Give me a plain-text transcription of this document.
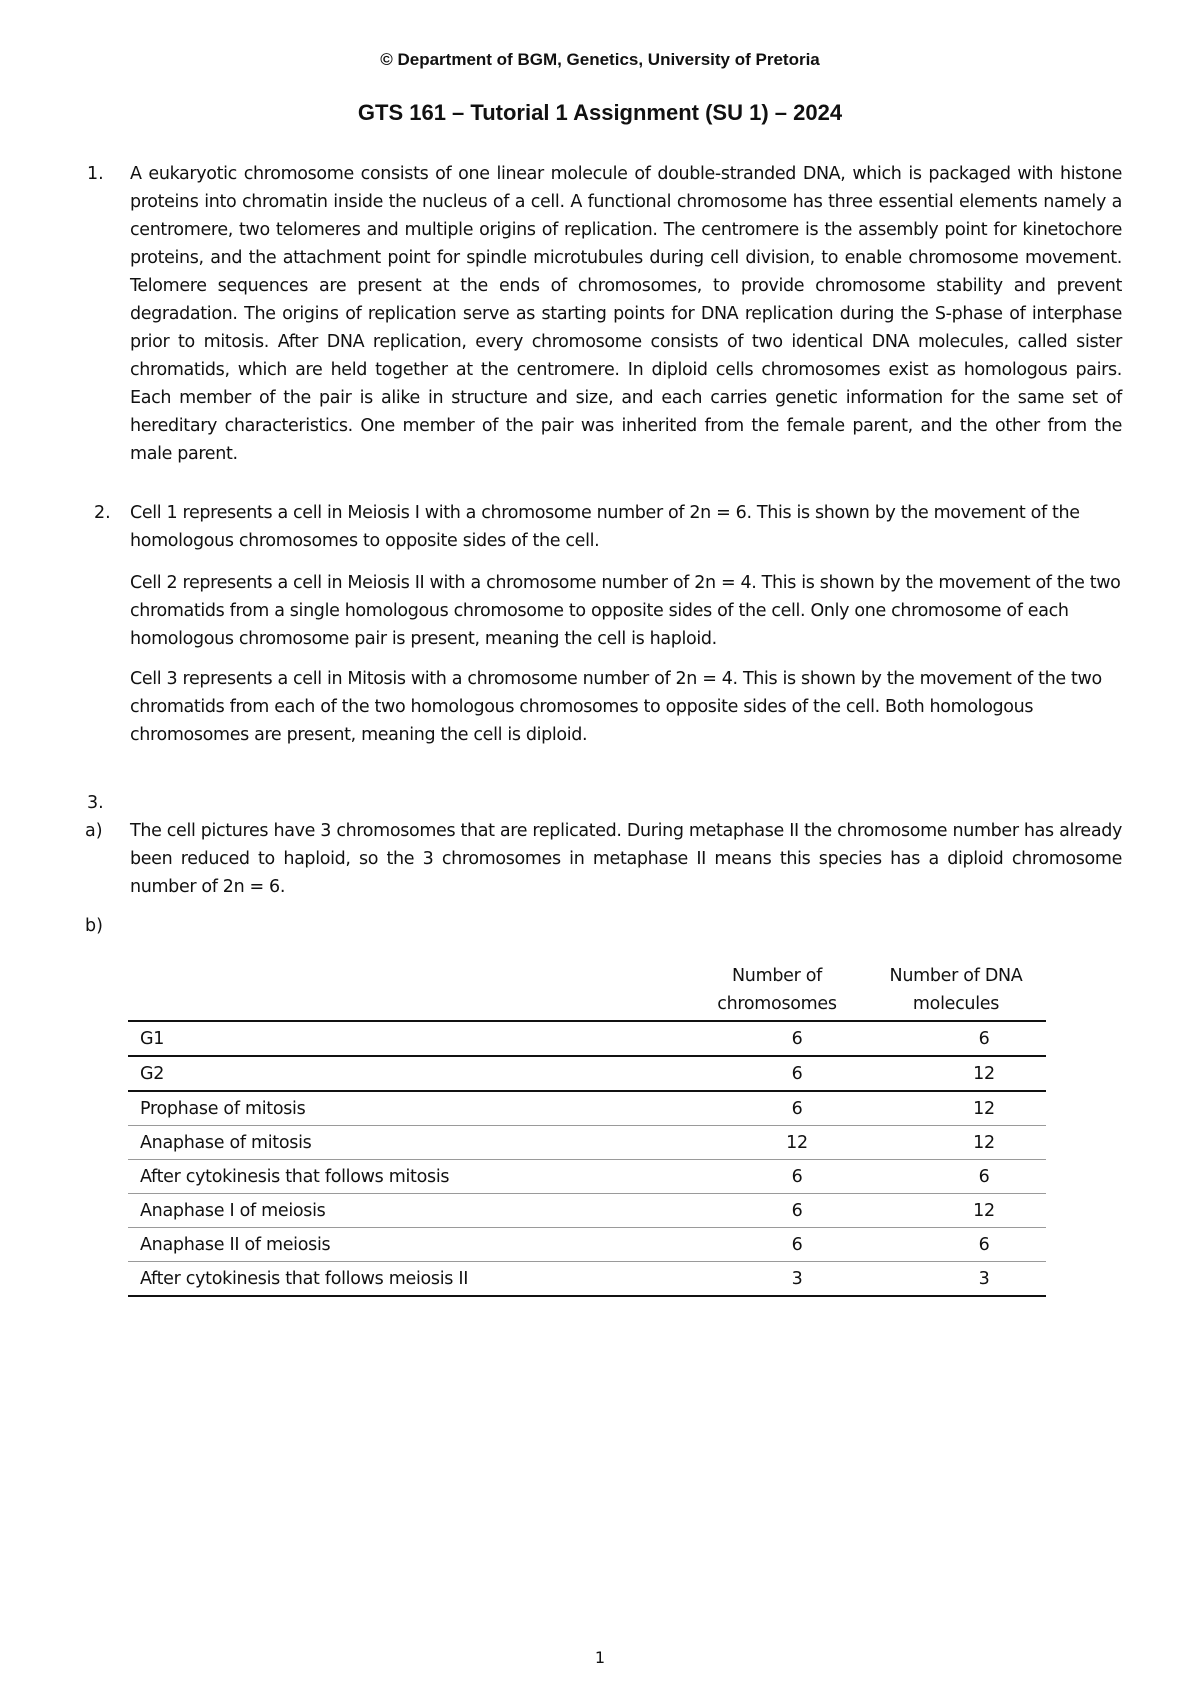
© Department of BGM, Genetics, University of Pretoria
GTS 161 – Tutorial 1 Assignment (SU 1) – 2024
1. A eukaryotic chromosome consists of one linear molecule of double-stranded DNA, which is packaged with histone proteins into chromatin inside the nucleus of a cell. A functional chromosome has three essential elements namely a centromere, two telomeres and multiple origins of replication. The centromere is the assembly point for kinetochore proteins, and the attachment point for spindle microtubules during cell division, to enable chromosome movement. Telomere sequences are present at the ends of chromosomes, to provide chromosome stability and prevent degradation. The origins of replication serve as starting points for DNA replication during the S-phase of interphase prior to mitosis. After DNA replication, every chromosome consists of two identical DNA molecules, called sister chromatids, which are held together at the centromere. In diploid cells chromosomes exist as homologous pairs. Each member of the pair is alike in structure and size, and each carries genetic information for the same set of hereditary characteristics. One member of the pair was inherited from the female parent, and the other from the male parent.
2. Cell 1 represents a cell in Meiosis I with a chromosome number of 2n = 6. This is shown by the movement of the homologous chromosomes to opposite sides of the cell.
Cell 2 represents a cell in Meiosis II with a chromosome number of 2n = 4. This is shown by the movement of the two chromatids from a single homologous chromosome to opposite sides of the cell. Only one chromosome of each homologous chromosome pair is present, meaning the cell is haploid.
Cell 3 represents a cell in Mitosis with a chromosome number of 2n = 4. This is shown by the movement of the two chromatids from each of the two homologous chromosomes to opposite sides of the cell. Both homologous chromosomes are present, meaning the cell is diploid.
3.
a) The cell pictures have 3 chromosomes that are replicated. During metaphase II the chromosome number has already been reduced to haploid, so the 3 chromosomes in metaphase II means this species has a diploid chromosome number of 2n = 6.
b)
	Number of chromosomes	Number of DNA molecules
G1	6	6
G2	6	12
Prophase of mitosis	6	12
Anaphase of mitosis	12	12
After cytokinesis that follows mitosis	6	6
Anaphase I of meiosis	6	12
Anaphase II of meiosis	6	6
After cytokinesis that follows meiosis II	3	3
1
